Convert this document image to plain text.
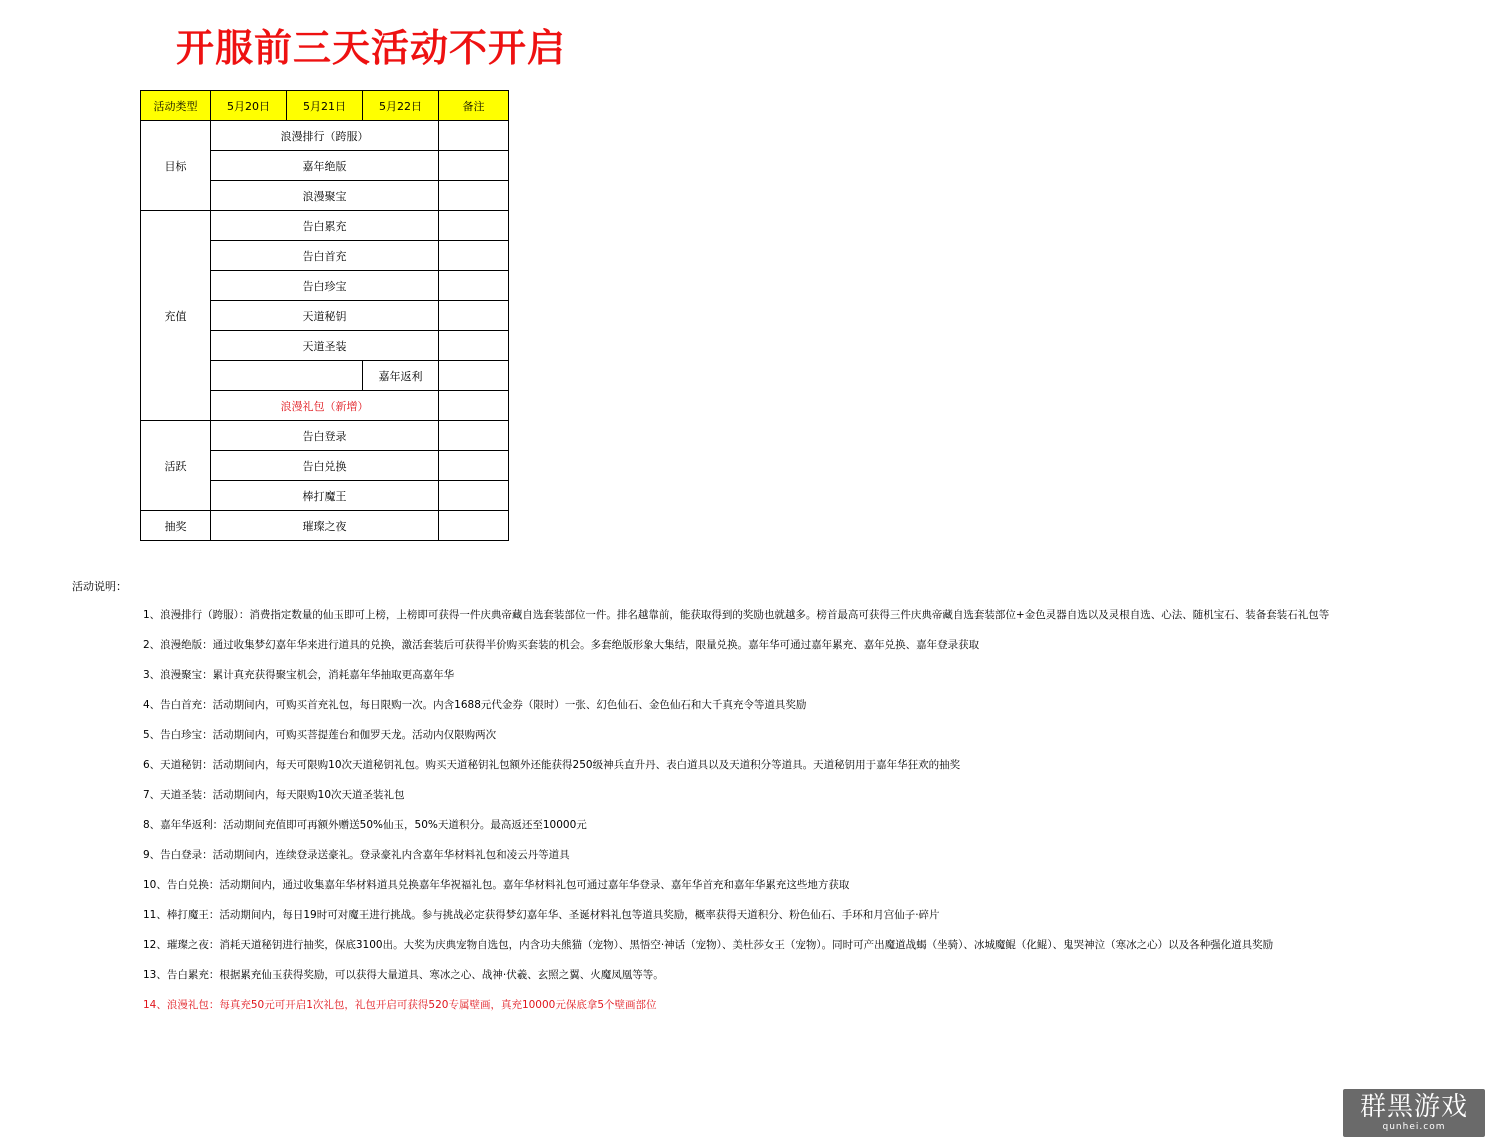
开服前三天活动不开启
活动类型	5月20日	5月21日	5月22日	备注
目标	浪漫排行（跨服）			
	嘉年绝版			
	浪漫聚宝			
充值	告白累充			
	告白首充			
	告白珍宝			
	天道秘钥			
	天道圣装			
			嘉年返利	
	浪漫礼包（新增）			
活跃	告白登录			
	告白兑换			
	棒打魔王			
抽奖	璀璨之夜			
活动说明：
1、浪漫排行（跨服）：消费指定数量的仙玉即可上榜，上榜即可获得一件庆典帝藏自选套装部位一件。排名越靠前，能获取得到的奖励也就越多。榜首最高可获得三件庆典帝藏自选套装部位+金色灵器自选以及灵根自选、心法、随机宝石、装备套装石礼包等
2、浪漫绝版：通过收集梦幻嘉年华来进行道具的兑换，激活套装后可获得半价购买套装的机会。多套绝版形象大集结，限量兑换。嘉年华可通过嘉年累充、嘉年兑换、嘉年登录获取
3、浪漫聚宝：累计真充获得聚宝机会，消耗嘉年华抽取更高嘉年华
4、告白首充：活动期间内，可购买首充礼包，每日限购一次。内含1688元代金券（限时）一张、幻色仙石、金色仙石和大千真充令等道具奖励
5、告白珍宝：活动期间内，可购买菩提莲台和伽罗天龙。活动内仅限购两次
6、天道秘钥：活动期间内，每天可限购10次天道秘钥礼包。购买天道秘钥礼包额外还能获得250级神兵直升丹、表白道具以及天道积分等道具。天道秘钥用于嘉年华狂欢的抽奖
7、天道圣装：活动期间内，每天限购10次天道圣装礼包
8、嘉年华返利：活动期间充值即可再额外赠送50%仙玉，50%天道积分。最高返还至10000元
9、告白登录：活动期间内，连续登录送豪礼。登录豪礼内含嘉年华材料礼包和凌云丹等道具
10、告白兑换：活动期间内，通过收集嘉年华材料道具兑换嘉年华祝福礼包。嘉年华材料礼包可通过嘉年华登录、嘉年华首充和嘉年华累充这些地方获取
11、棒打魔王：活动期间内，每日19时可对魔王进行挑战。参与挑战必定获得梦幻嘉年华、圣诞材料礼包等道具奖励，概率获得天道积分、粉色仙石、手环和月宫仙子·碎片
12、璀璨之夜：消耗天道秘钥进行抽奖，保底3100出。大奖为庆典宠物自选包，内含功夫熊猫（宠物）、黑悟空·神话（宠物）、美杜莎女王（宠物）。同时可产出魔道战蝎（坐骑）、冰城魔鲲（化鲲）、鬼哭神泣（寒冰之心）以及各种强化道具奖励
13、告白累充：根据累充仙玉获得奖励，可以获得大量道具、寒冰之心、战神·伏羲、玄照之翼、火魔凤凰等等。
14、浪漫礼包：每真充50元可开启1次礼包，礼包开启可获得520专属壁画，真充10000元保底拿5个壁画部位
群黑游戏
qunhei.com
